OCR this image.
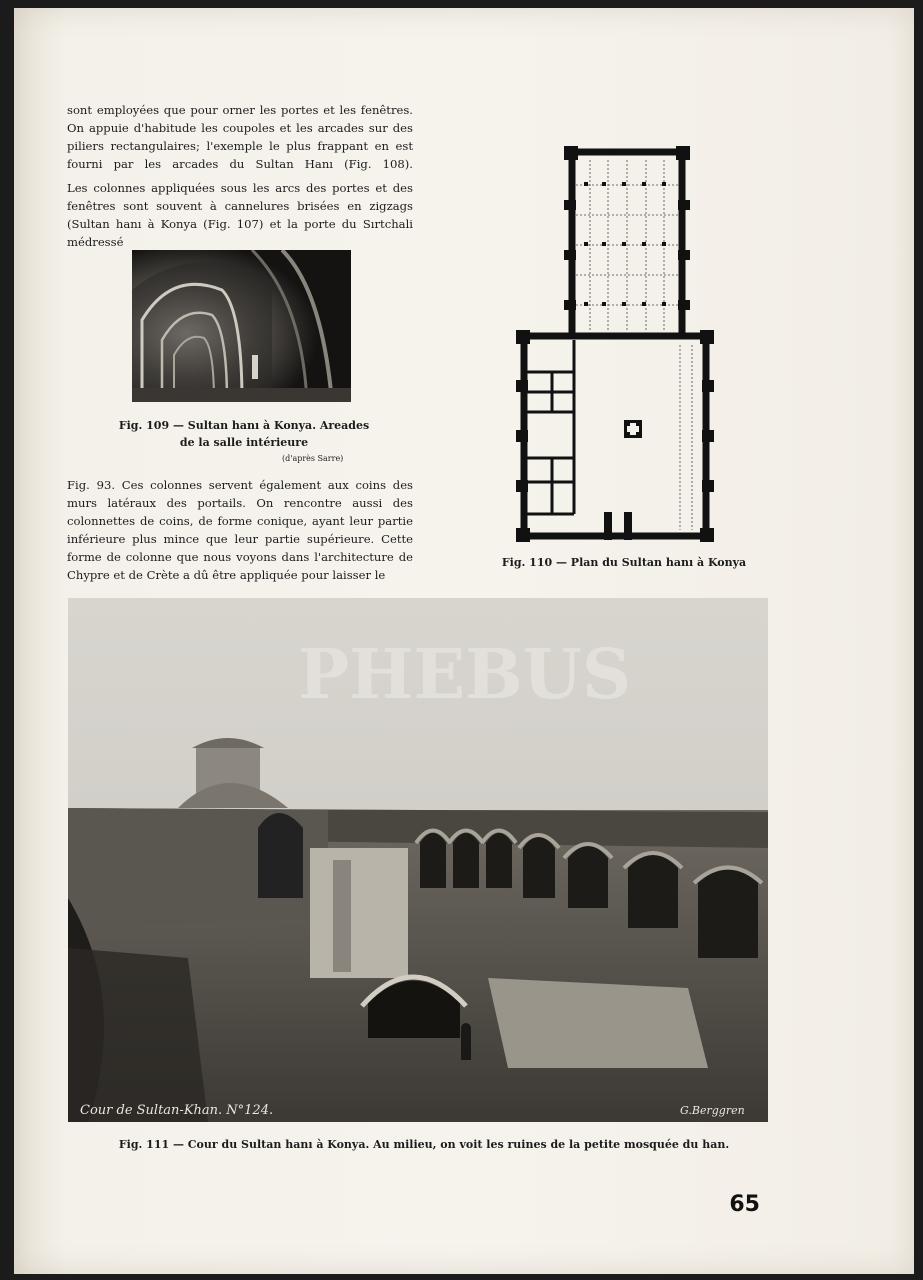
sont employées que pour orner les portes et les fenêtres. On appuie d'habitude les coupoles et les arcades sur des piliers rectangulaires; l'exemple le plus frappant en est fourni par les arcades du Sultan Hanı (Fig. 108).

Les colonnes appliquées sous les arcs des portes et des fenêtres sont souvent à cannelures brisées en zigzags (Sultan hanı à Konya (Fig. 107) et la porte du Sırtchali médressé

Fig. 109 — Sultan hanı à Konya. Areades
de la salle intérieure
(d'après Sarre)

Fig. 93. Ces colonnes servent également aux coins des murs latéraux des portails. On rencontre aussi des colonnettes de coins, de forme conique, ayant leur partie inférieure plus mince que leur partie supérieure. Cette forme de colonne que nous voyons dans l'architecture de Chypre et de Crète a dû être appliquée pour laisser le

Fig. 110 — Plan du Sultan hanı à Konya
PHEBUS
Cour de Sultan-Khan. N°124.	G.Berggren
Fig. 111 — Cour du Sultan hanı à Konya. Au milieu, on voit les ruines de la petite mosquée du han.
65
